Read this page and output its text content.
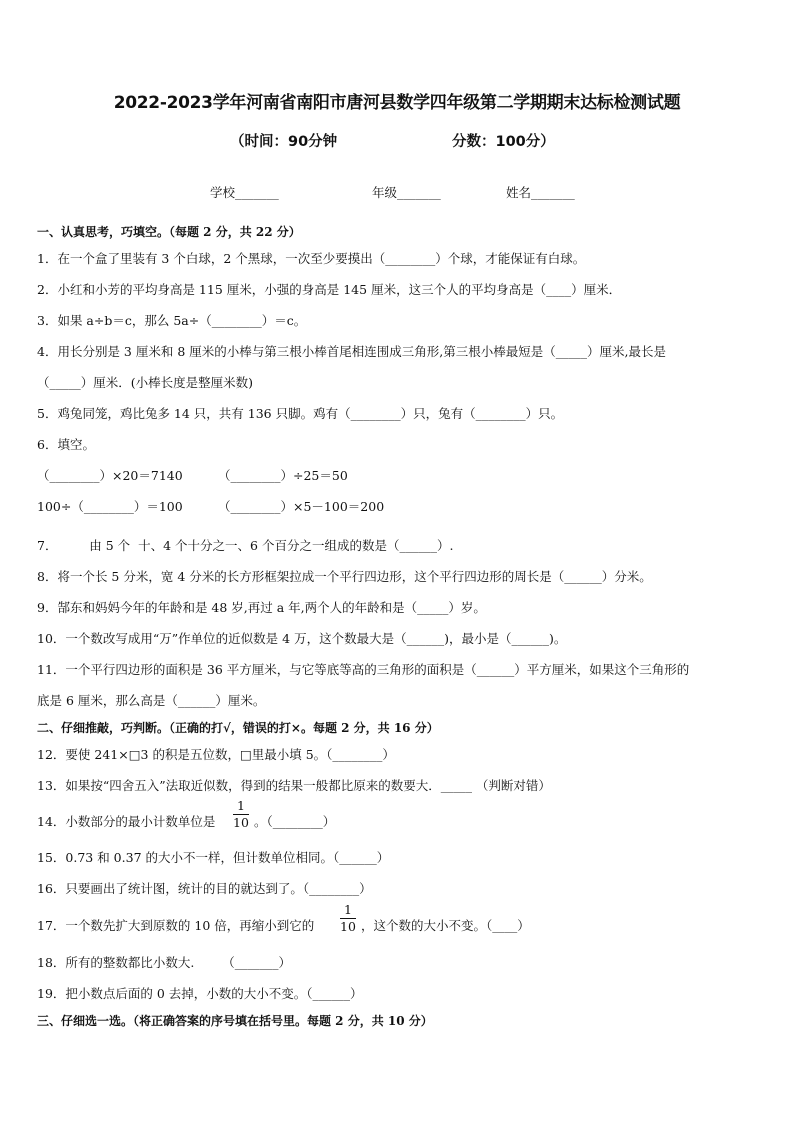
2022-2023学年河南省南阳市唐河县数学四年级第二学期期末达标检测试题
（时间：90分钟	分数：100分）
学校_______	年级_______	姓名_______
一、认真思考，巧填空。（每题 2 分，共 22 分）
1．在一个盒了里装有 3 个白球，2 个黑球，一次至少要摸出（________）个球，才能保证有白球。
2．小红和小芳的平均身高是 115 厘米，小强的身高是 145 厘米，这三个人的平均身高是（____）厘米．
3．如果 a÷b＝c，那么 5a÷（________）＝c。
4．用长分别是 3 厘米和 8 厘米的小棒与第三根小棒首尾相连围成三角形,第三根小棒最短是（_____）厘米,最长是
（_____）厘米．(小棒长度是整厘米数)
5．鸡兔同笼，鸡比兔多 14 只，共有 136 只脚。鸡有（________）只，兔有（________）只。
6．填空。
（________）×20＝7140	（________）÷25＝50
100÷（________）＝100	（________）×5－100＝200
7．        由 5 个  十、4 个十分之一、6 个百分之一组成的数是（______）.
8．将一个长 5 分米，宽 4 分米的长方形框架拉成一个平行四边形，这个平行四边形的周长是（______）分米。
9．郜东和妈妈今年的年龄和是 48 岁,再过 a 年,两个人的年龄和是（_____）岁。
10．一个数改写成用“万”作单位的近似数是 4 万，这个数最大是（______)，最小是（______)。
11．一个平行四边形的面积是 36 平方厘米，与它等底等高的三角形的面积是（______）平方厘米，如果这个三角形的
底是 6 厘米，那么高是（______）厘米。
二、仔细推敲，巧判断。（正确的打√，错误的打×。每题 2 分，共 16 分）
12．要使 241×□3 的积是五位数，□里最小填 5。（________）
13．如果按“四舍五入”法取近似数，得到的结果一般都比原来的数要大．_____ （判断对错）
14．小数部分的最小计数单位是
1
10 。（________）
15．0.73 和 0.37 的大小不一样，但计数单位相同。（______）
16．只要画出了统计图，统计的目的就达到了。（________）
17．一个数先扩大到原数的 10 倍，再缩小到它的
1
10 ，这个数的大小不变。（____）
18．所有的整数都比小数大.       （_______）
19．把小数点后面的 0 去掉，小数的大小不变。（______）
三、仔细选一选。（将正确答案的序号填在括号里。每题 2 分，共 10 分）
